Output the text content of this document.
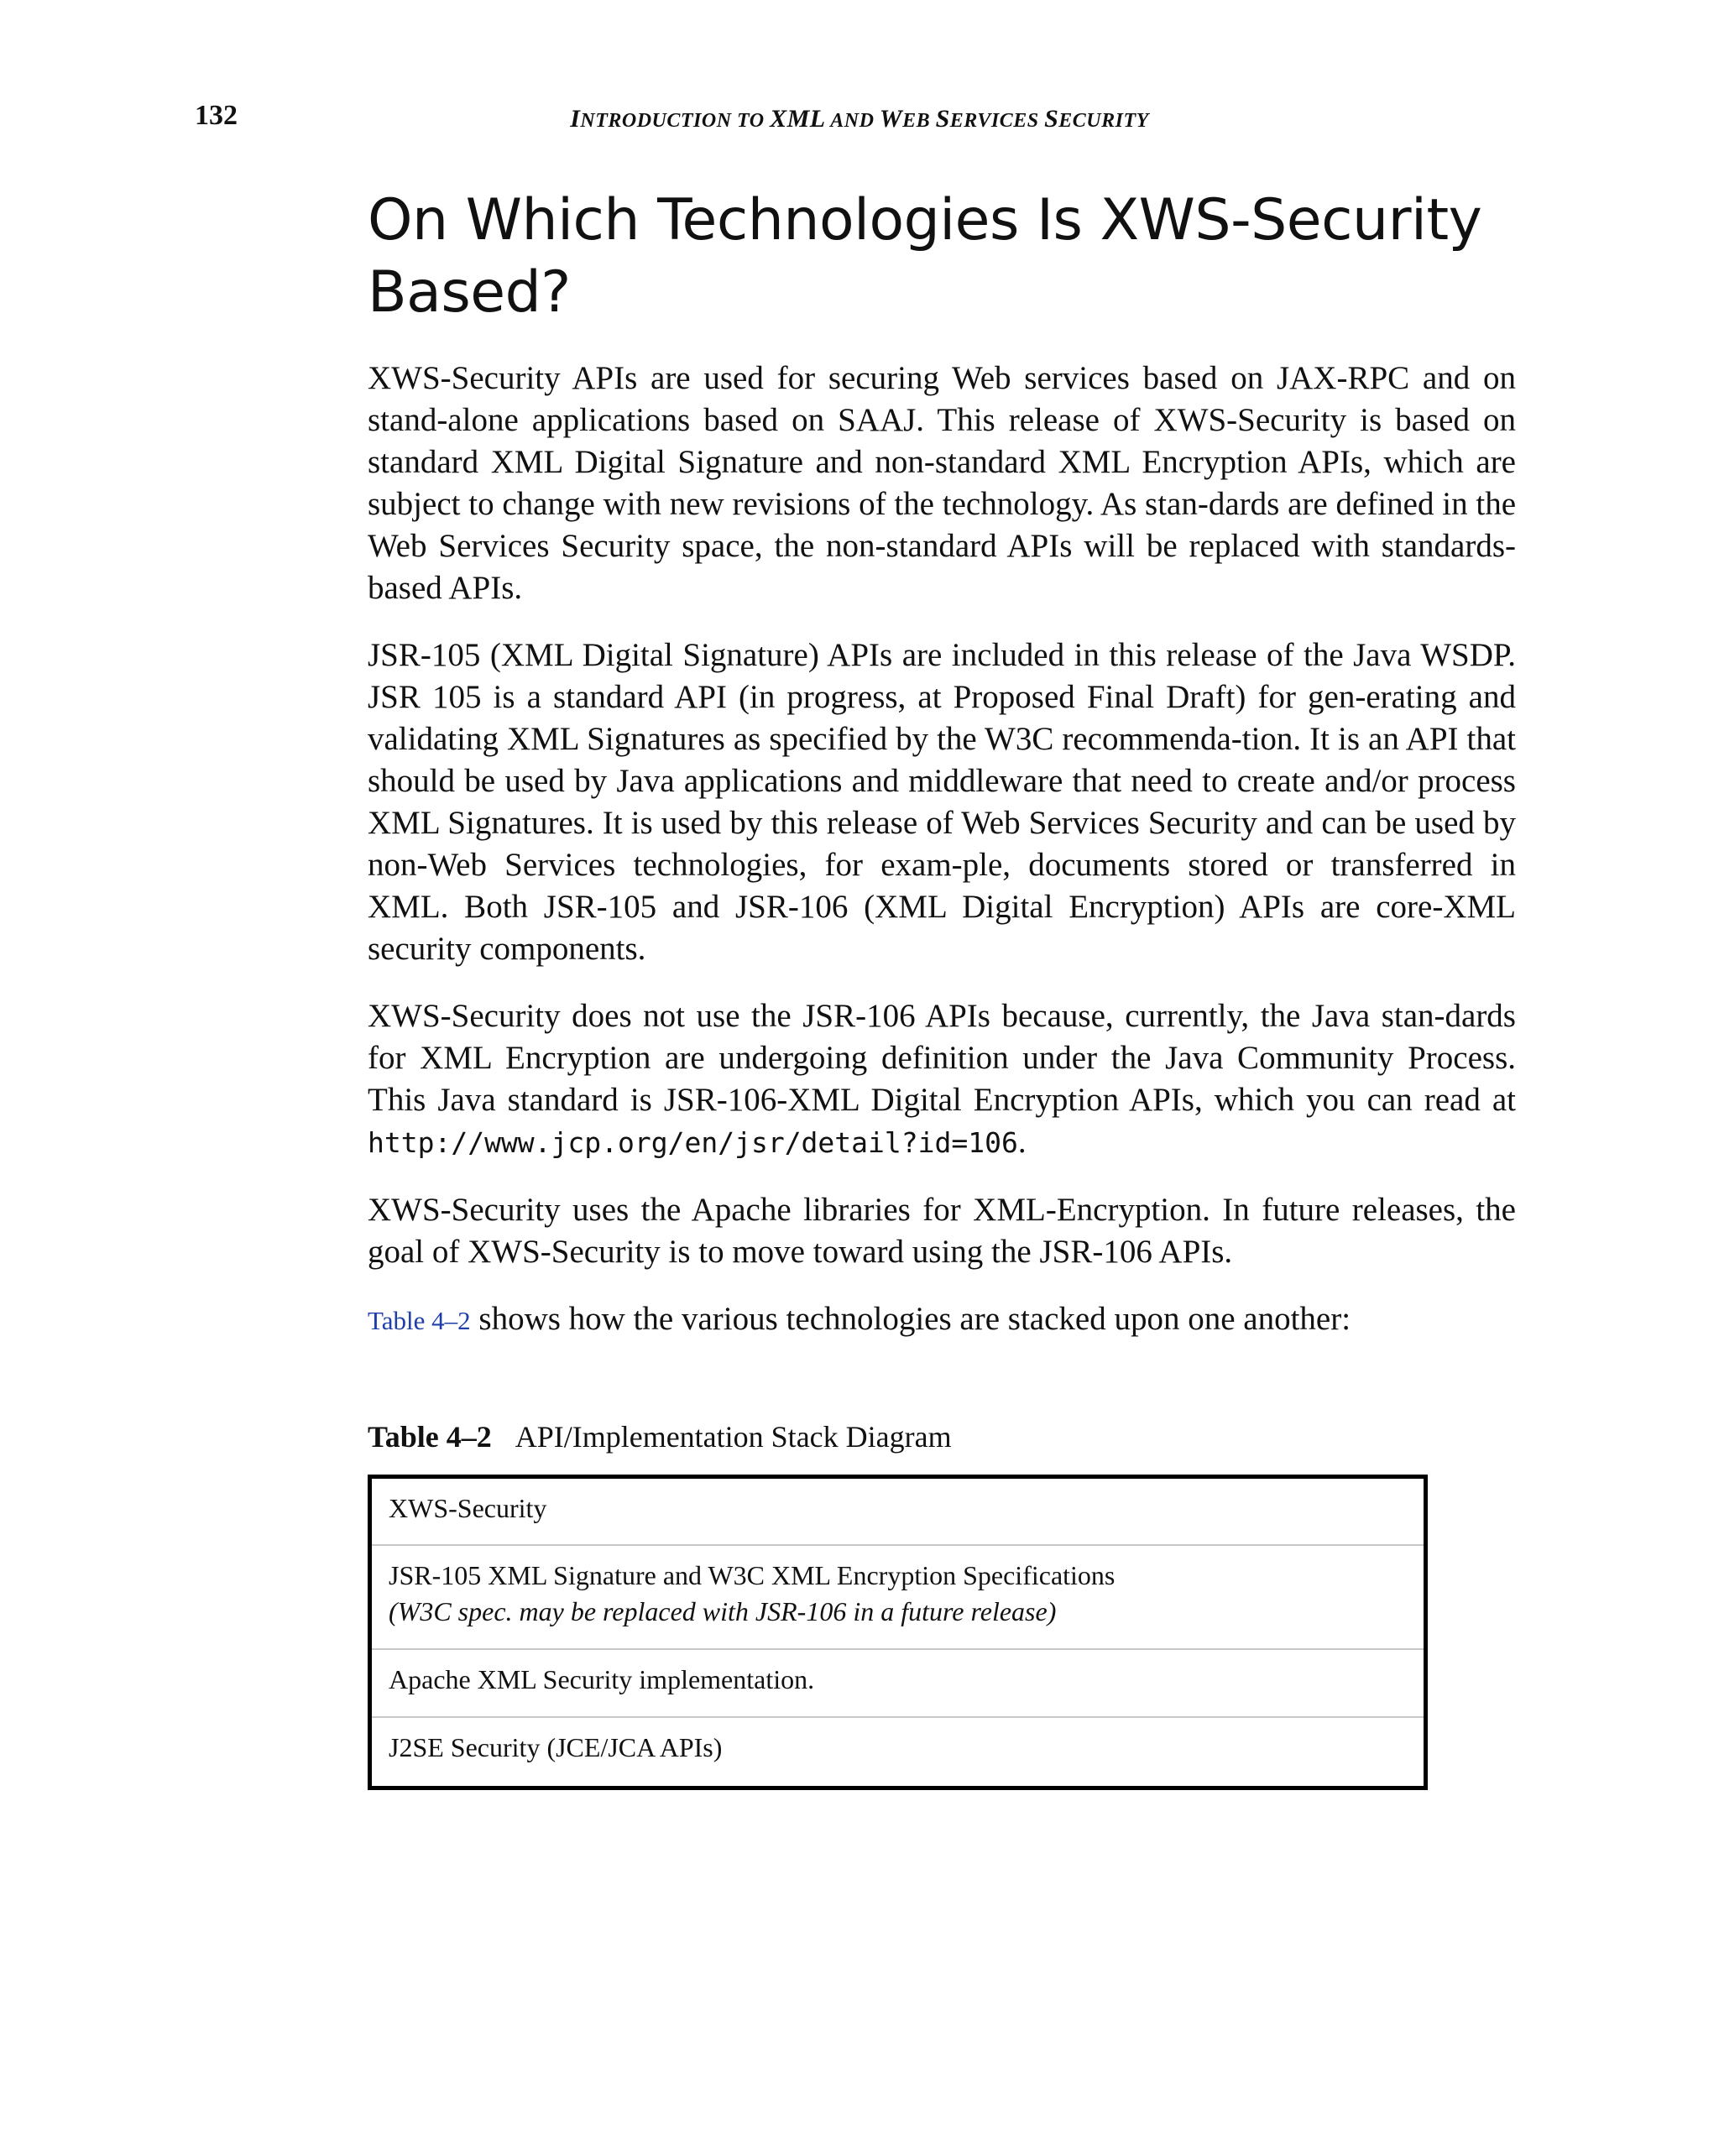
132	INTRODUCTION TO XML AND WEB SERVICES SECURITY
On Which Technologies Is XWS-Security Based?

XWS-Security APIs are used for securing Web services based on JAX-RPC and on stand-alone applications based on SAAJ. This release of XWS-Security is based on standard XML Digital Signature and non-standard XML Encryption APIs, which are subject to change with new revisions of the technology. As stan-dards are defined in the Web Services Security space, the non-standard APIs will be replaced with standards-based APIs.

JSR-105 (XML Digital Signature) APIs are included in this release of the Java WSDP. JSR 105 is a standard API (in progress, at Proposed Final Draft) for gen-erating and validating XML Signatures as specified by the W3C recommenda-tion. It is an API that should be used by Java applications and middleware that need to create and/or process XML Signatures. It is used by this release of Web Services Security and can be used by non-Web Services technologies, for exam-ple, documents stored or transferred in XML. Both JSR-105 and JSR-106 (XML Digital Encryption) APIs are core-XML security components.

XWS-Security does not use the JSR-106 APIs because, currently, the Java stan-dards for XML Encryption are undergoing definition under the Java Community Process. This Java standard is JSR-106-XML Digital Encryption APIs, which you can read at http://www.jcp.org/en/jsr/detail?id=106.

XWS-Security uses the Apache libraries for XML-Encryption. In future releases, the goal of XWS-Security is to move toward using the JSR-106 APIs.

Table 4–2 shows how the various technologies are stacked upon one another:

Table 4–2 API/Implementation Stack Diagram
XWS-Security
JSR-105 XML Signature and W3C XML Encryption Specifications
(W3C spec. may be replaced with JSR-106 in a future release)
Apache XML Security implementation.
J2SE Security (JCE/JCA APIs)
